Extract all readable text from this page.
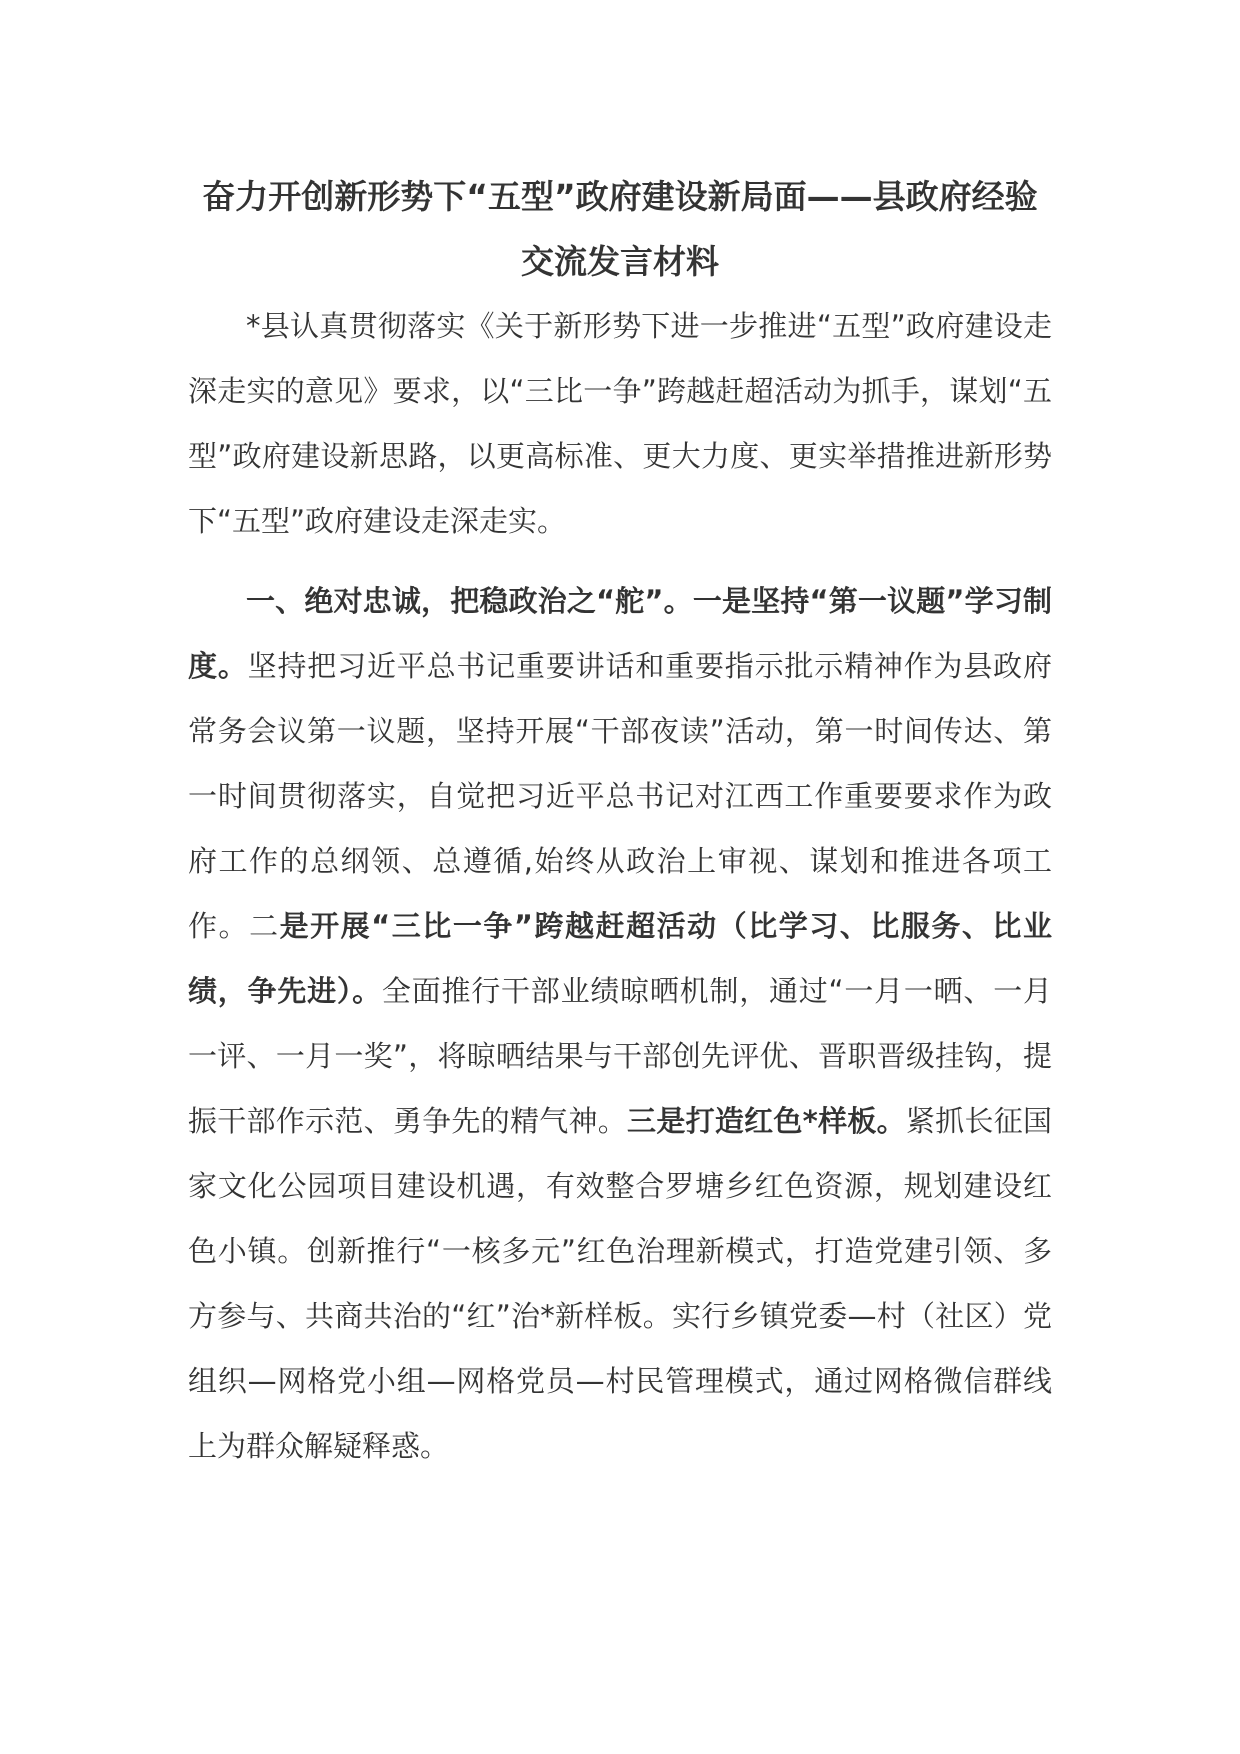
奋力开创新形势下“五型”政府建设新局面——县政府经验交流发言材料

*县认真贯彻落实《关于新形势下进一步推进“五型”政府建设走深走实的意见》要求，以“三比一争”跨越赶超活动为抓手，谋划“五型”政府建设新思路，以更高标准、更大力度、更实举措推进新形势下“五型”政府建设走深走实。

一、绝对忠诚，把稳政治之“舵”。一是坚持“第一议题”学习制度。坚持把习近平总书记重要讲话和重要指示批示精神作为县政府常务会议第一议题，坚持开展“干部夜读”活动，第一时间传达、第一时间贯彻落实，自觉把习近平总书记对江西工作重要要求作为政府工作的总纲领、总遵循,始终从政治上审视、谋划和推进各项工作。二是开展“三比一争”跨越赶超活动（比学习、比服务、比业绩，争先进）。全面推行干部业绩晾晒机制，通过“一月一晒、一月一评、一月一奖”，将晾晒结果与干部创先评优、晋职晋级挂钩，提振干部作示范、勇争先的精气神。三是打造红色*样板。紧抓长征国家文化公园项目建设机遇，有效整合罗塘乡红色资源，规划建设红色小镇。创新推行“一核多元”红色治理新模式，打造党建引领、多方参与、共商共治的“红”治*新样板。实行乡镇党委—村（社区）党组织—网格党小组—网格党员—村民管理模式，通过网格微信群线上为群众解疑释惑。
